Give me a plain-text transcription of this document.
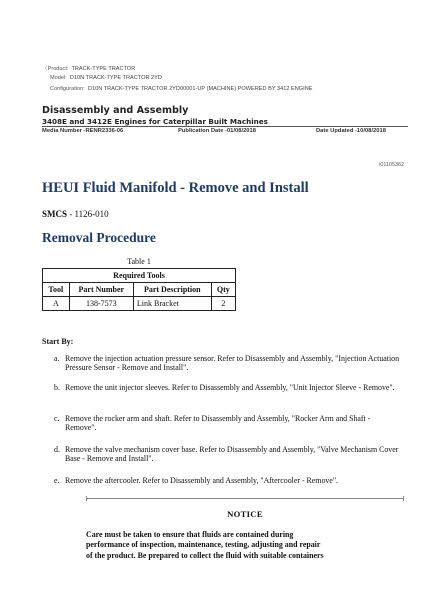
〈Product: TRACK-TYPE TRACTOR
Model: D10N TRACK-TYPE TRACTOR 2YD
Configuration: D10N TRACK-TYPE TRACTOR 2YD00001-UP (MACHINE) POWERED BY 3412 ENGINE
Disassembly and Assembly
3408E and 3412E Engines for Caterpillar Built Machines
Media Number -RENR2336-06	Publication Date -01/08/2018	Date Updated -10/08/2018
i01105362
HEUI Fluid Manifold - Remove and Install
SMCS - 1126-010
Removal Procedure
Table 1
Required Tools			
Tool	Part Number	Part Description	Qty
A	138-7573	Link Bracket	2
Start By:
a. Remove the injection actuation pressure sensor. Refer to Disassembly and Assembly, "Injection Actuation Pressure Sensor - Remove and Install".
b. Remove the unit injector sleeves. Refer to Disassembly and Assembly, "Unit Injector Sleeve - Remove".
c. Remove the rocker arm and shaft. Refer to Disassembly and Assembly, "Rocker Arm and Shaft - Remove".
d. Remove the valve mechanism cover base. Refer to Disassembly and Assembly, "Valve Mechanism Cover Base - Remove and Install".
e. Remove the aftercooler. Refer to Disassembly and Assembly, "Aftercooler - Remove".
NOTICE
Care must be taken to ensure that fluids are contained during
performance of inspection, maintenance, testing, adjusting and repair
of the product. Be prepared to collect the fluid with suitable containers
